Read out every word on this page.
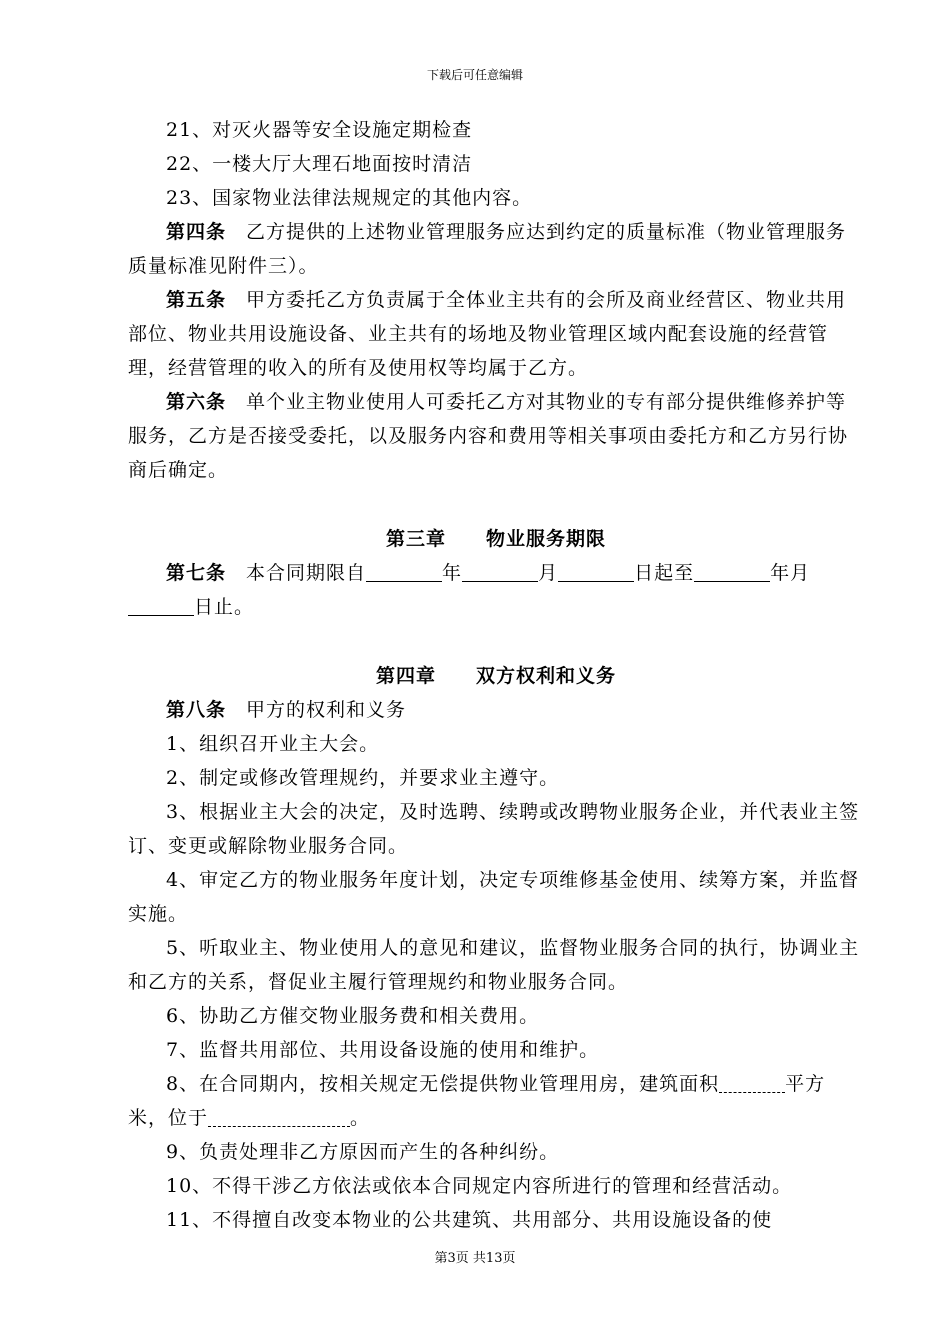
下载后可任意编辑

21、对灭火器等安全设施定期检查

22、一楼大厅大理石地面按时清洁

23、国家物业法律法规规定的其他内容。

第四条　 乙方提供的上述物业管理服务应达到约定的质量标准（物业管理服务质量标准见附件三）。

第五条　 甲方委托乙方负责属于全体业主共有的会所及商业经营区、物业共用部位、物业共用设施设备、业主共有的场地及物业管理区域内配套设施的经营管理，经营管理的收入的所有及使用权等均属于乙方。

第六条　 单个业主物业使用人可委托乙方对其物业的专有部分提供维修养护等服务，乙方是否接受委托，以及服务内容和费用等相关事项由委托方和乙方另行协商后确定。

第三章 物业服务期限

第七条　 本合同期限自	年	月	日起至	年月日止。

第四章 双方权利和义务

第八条　 甲方的权利和义务

1、组织召开业主大会。

2、制定或修改管理规约，并要求业主遵守。

3、根据业主大会的决定，及时选聘、续聘或改聘物业服务企业，并代表业主签订、变更或解除物业服务合同。

4、审定乙方的物业服务年度计划，决定专项维修基金使用、续筹方案，并监督实施。

5、听取业主、物业使用人的意见和建议，监督物业服务合同的执行，协调业主和乙方的关系，督促业主履行管理规约和物业服务合同。

6、协助乙方催交物业服务费和相关费用。

7、监督共用部位、共用设备设施的使用和维护。

8、在合同期内，按相关规定无偿提供物业管理用房，建筑面积	平方米，位于	。

9、负责处理非乙方原因而产生的各种纠纷。

10、不得干涉乙方依法或依本合同规定内容所进行的管理和经营活动。

11、不得擅自改变本物业的公共建筑、共用部分、共用设施设备的使

第3页 共13页
